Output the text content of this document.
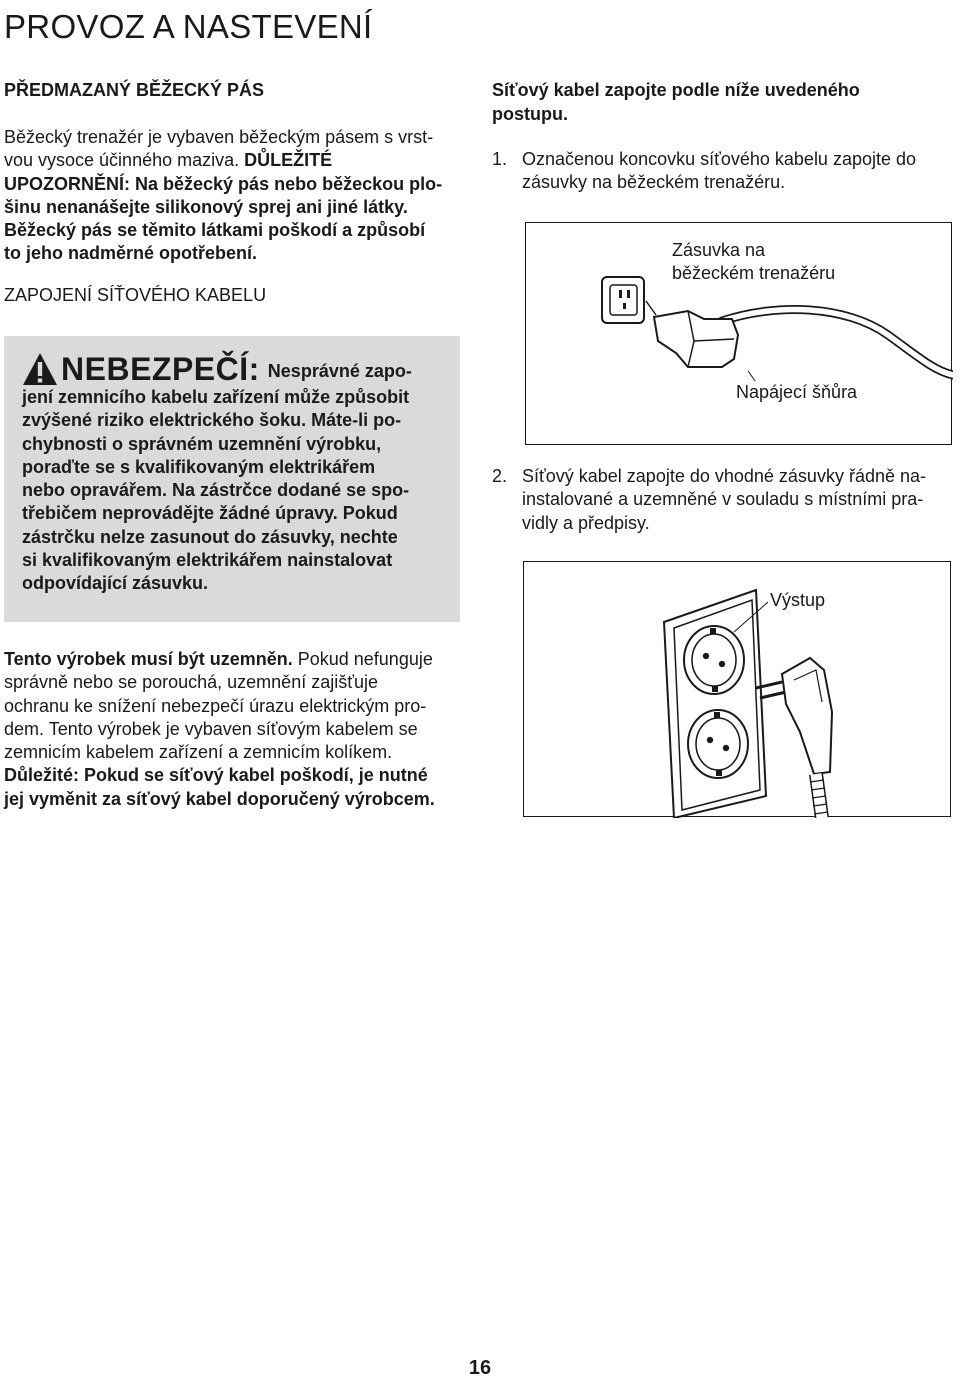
PROVOZ A NASTEVENÍ
PŘEDMAZANÝ BĚŽECKÝ PÁS
Běžecký trenažér je vybaven běžeckým pásem s vrst-
vou vysoce účinného maziva. DŮLEŽITÉ
UPOZORNĚNÍ: Na běžecký pás nebo běžeckou plo-
šinu nenanášejte silikonový sprej ani jiné látky.
Běžecký pás se těmito látkami poškodí a způsobí
to jeho nadměrné opotřebení.
ZAPOJENÍ SÍŤOVÉHO KABELU
NEBEZPEČÍ: Nesprávné zapo-
jení zemnicího kabelu zařízení může způsobit
zvýšené riziko elektrického šoku. Máte-li po-
chybnosti o správném uzemnění výrobku,
poraďte se s kvalifikovaným elektrikářem
nebo opravářem. Na zástrčce dodané se spo-
třebičem neprovádějte žádné úpravy. Pokud
zástrčku nelze zasunout do zásuvky, nechte
si kvalifikovaným elektrikářem nainstalovat
odpovídající zásuvku.
Tento výrobek musí být uzemněn. Pokud nefunguje
správně nebo se porouchá, uzemnění zajišťuje
ochranu ke snížení nebezpečí úrazu elektrickým pro-
dem. Tento výrobek je vybaven síťovým kabelem se
zemnicím kabelem zařízení a zemnicím kolíkem.
Důležité: Pokud se síťový kabel poškodí, je nutné
jej vyměnit za síťový kabel doporučený výrobcem.
Síťový kabel zapojte podle níže uvedeného
postupu.
1. Označenou koncovku síťového kabelu zapojte do
zásuvky na běžeckém trenažéru.
2. Síťový kabel zapojte do vhodné zásuvky řádně na-
instalované a uzemněné v souladu s místními pra-
vidly a předpisy.
Zásuvka na
běžeckém trenažéru
Napájecí šňůra
Výstup
16
